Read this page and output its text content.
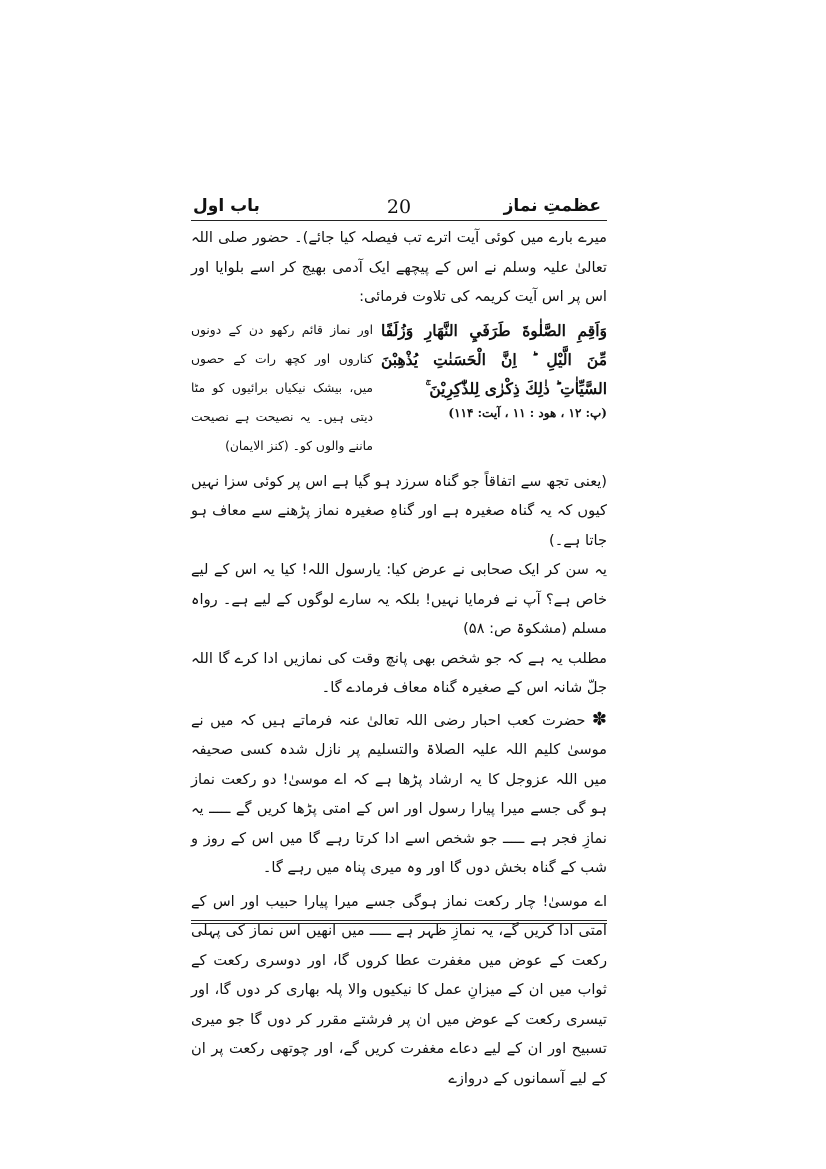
عظمتِ نماز
20
باب اول

میرے بارے میں کوئی آیت اترے تب فیصلہ کیا جائے)۔ حضور صلی اللہ تعالیٰ علیہ وسلم نے اس کے پیچھے ایک آدمی بھیج کر اسے بلوایا اور اس پر اس آیت کریمہ کی تلاوت فرمائی:

وَاَقِمِ الصَّلٰوةَ طَرَفَيِ النَّهَارِ وَزُلَفًا مِّنَ الَّيْلِ ؕ اِنَّ الْحَسَنٰتِ يُذْهِبْنَ السَّيِّاٰتِ ؕ ذٰلِكَ ذِكْرٰى لِلذّٰكِرِيْنَ ۚ
(پ: ۱۲ ، هود : ۱۱ ، آیت: ۱۱۴)
اور نماز قائم رکھو دن کے دونوں کناروں اور کچھ رات کے حصوں میں، بیشک نیکیاں برائیوں کو مٹا دیتی ہیں۔ یہ نصیحت ہے نصیحت ماننے والوں کو۔ (کنز الایمان)

(یعنی تجھ سے اتفاقاً جو گناہ سرزد ہو گیا ہے اس پر کوئی سزا نہیں کیوں کہ یہ گناہ صغیرہ ہے اور گناہِ صغیرہ نماز پڑھنے سے معاف ہو جاتا ہے۔)

یہ سن کر ایک صحابی نے عرض کیا: یارسول اللہ! کیا یہ اس کے لیے خاص ہے؟ آپ نے فرمایا نہیں! بلکہ یہ سارے لوگوں کے لیے ہے۔ رواہ مسلم (مشکوۃ ص: ۵۸)

مطلب یہ ہے کہ جو شخص بھی پانچ وقت کی نمازیں ادا کرے گا اللہ جلّ شانہ اس کے صغیرہ گناہ معاف فرمادے گا۔

✽ حضرت کعب احبار رضی اللہ تعالیٰ عنہ فرماتے ہیں کہ میں نے موسیٰ کلیم اللہ علیہ الصلاۃ والتسلیم پر نازل شدہ کسی صحیفہ میں اللہ عزوجل کا یہ ارشاد پڑھا ہے کہ اے موسیٰ! دو رکعت نماز ہو گی جسے میرا پیارا رسول اور اس کے امتی پڑھا کریں گے ـــــ یہ نمازِ فجر ہے ـــــ جو شخص اسے ادا کرتا رہے گا میں اس کے روز و شب کے گناہ بخش دوں گا اور وہ میری پناہ میں رہے گا۔

اے موسیٰ! چار رکعت نماز ہوگی جسے میرا پیارا حبیب اور اس کے امتی ادا کریں گے، یہ نمازِ ظہر ہے ـــــ میں انھیں اس نماز کی پہلی رکعت کے عوض میں مغفرت عطا کروں گا، اور دوسری رکعت کے ثواب میں ان کے میزانِ عمل کا نیکیوں والا پلہ بھاری کر دوں گا، اور تیسری رکعت کے عوض میں ان پر فرشتے مقرر کر دوں گا جو میری تسبیح اور ان کے لیے دعاے مغفرت کریں گے، اور چوتھی رکعت پر ان کے لیے آسمانوں کے دروازے
